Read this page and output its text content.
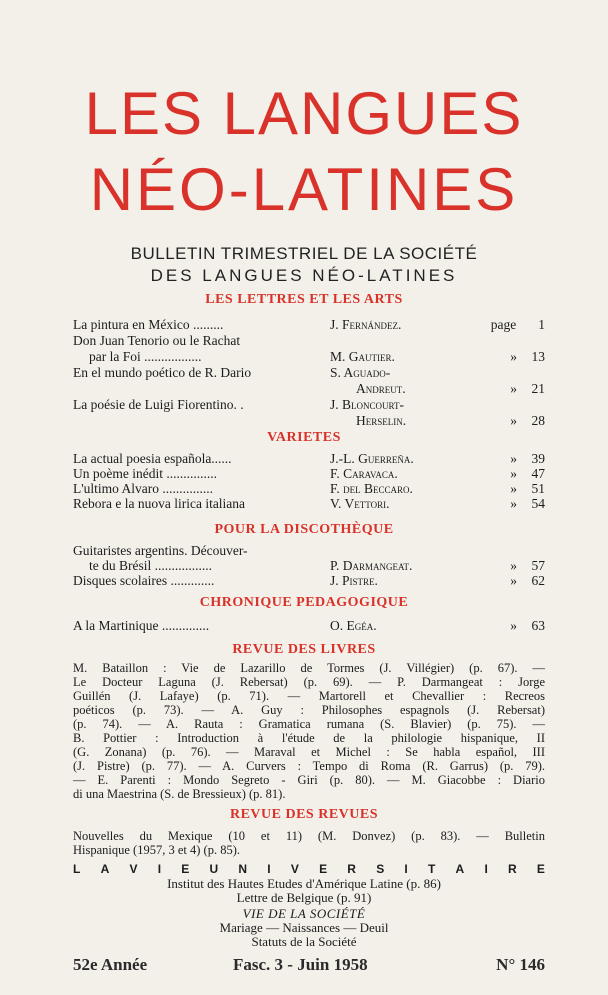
LES LANGUES
NÉO-LATINES
BULLETIN TRIMESTRIEL DE LA SOCIÉTÉ
DES LANGUES NÉO-LATINES
LES LETTRES ET LES ARTS
La pintura en México .........	J. Fernández.	page 1
Don Juan Tenorio ou le Rachat
par la Foi .................	M. Gautier.	» 13
En el mundo poético de R. Dario	S. Aguado-
Andreut.	» 21
La poésie de Luigi Fiorentino. .	J. Bloncourt-
Herselin.	» 28
VARIETES
La actual poesia española......	J.-L. Guerreña.	» 39
Un poème inédit ...............	F. Caravaca.	» 47
L'ultimo Alvaro ...............	F. del Beccaro.	» 51
Rebora e la nuova lirica italiana	V. Vettori.	» 54
POUR LA DISCOTHÈQUE
Guitaristes argentins. Découver-
te du Brésil .................	P. Darmangeat.	» 57
Disques scolaires .............	J. Pistre.	» 62
CHRONIQUE PEDAGOGIQUE
A la Martinique ..............	O. Egéa.	» 63
REVUE DES LIVRES
M. Bataillon : Vie de Lazarillo de Tormes (J. Villégier) (p. 67). —
Le Docteur Laguna (J. Rebersat) (p. 69). — P. Darmangeat : Jorge
Guillén (J. Lafaye) (p. 71). — Martorell et Chevallier : Recreos
poéticos (p. 73). — A. Guy : Philosophes espagnols (J. Rebersat)
(p. 74). — A. Rauta : Gramatica rumana (S. Blavier) (p. 75). —
B. Pottier : Introduction à l'étude de la philologie hispanique, II
(G. Zonana) (p. 76). — Maraval et Michel : Se habla español, III
(J. Pistre) (p. 77). — A. Curvers : Tempo di Roma (R. Garrus) (p. 79).
— E. Parenti : Mondo Segreto - Giri (p. 80). — M. Giacobbe : Diario
di una Maestrina (S. de Bressieux) (p. 81).
REVUE DES REVUES
Nouvelles du Mexique (10 et 11) (M. Donvez) (p. 83). — Bulletin
Hispanique (1957, 3 et 4) (p. 85).
L A V I E U N I V E R S I T A I R E
Institut des Hautes Etudes d'Amérique Latine (p. 86)
Lettre de Belgique (p. 91)
VIE DE LA SOCIÉTÉ
Mariage — Naissances — Deuil
Statuts de la Société
52e Année	Fasc. 3 - Juin 1958	N° 146
